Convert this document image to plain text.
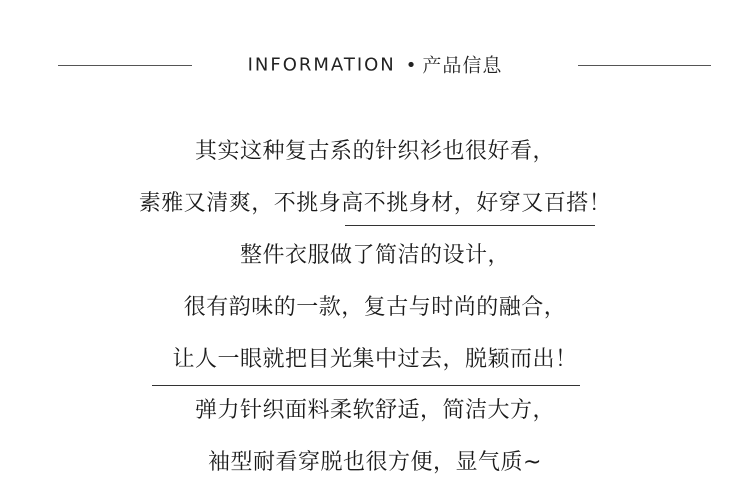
INFORMATION • 产品信息
其实这种复古系的针织衫也很好看，
素雅又清爽，不挑身高不挑身材，好穿又百搭！
整件衣服做了简洁的设计，
很有韵味的一款，复古与时尚的融合，
让人一眼就把目光集中过去，脱颖而出！
弹力针织面料柔软舒适，简洁大方，
袖型耐看穿脱也很方便，显气质~
